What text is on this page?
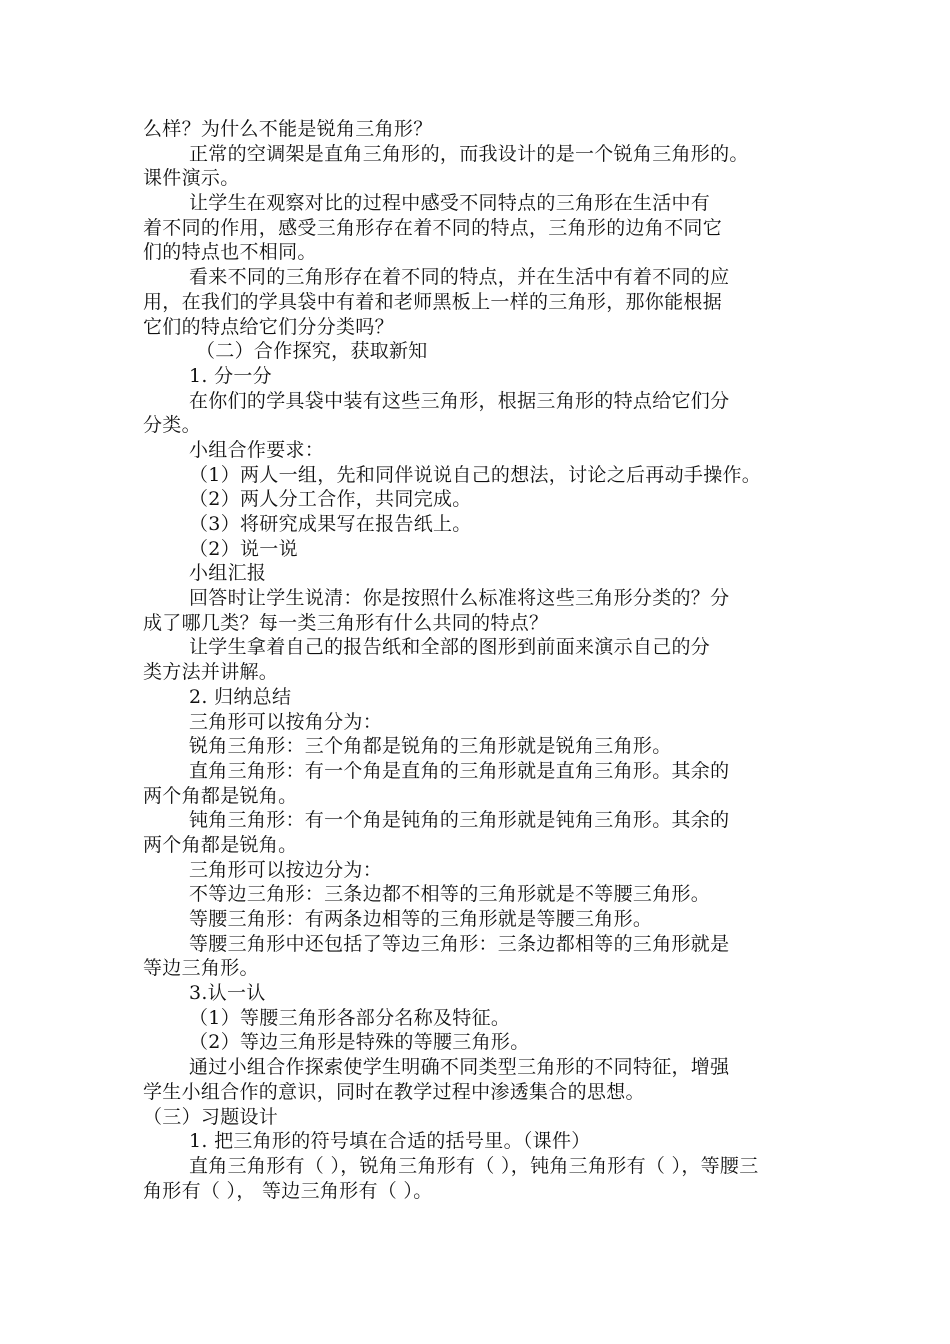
么样？为什么不能是锐角三角形？
正常的空调架是直角三角形的，而我设计的是一个锐角三角形的。
课件演示。
让学生在观察对比的过程中感受不同特点的三角形在生活中有
着不同的作用，感受三角形存在着不同的特点，三角形的边角不同它
们的特点也不相同。
看来不同的三角形存在着不同的特点，并在生活中有着不同的应
用，在我们的学具袋中有着和老师黑板上一样的三角形，那你能根据
它们的特点给它们分分类吗？
（二）合作探究，获取新知
1. 分一分
在你们的学具袋中装有这些三角形，根据三角形的特点给它们分
分类。
小组合作要求：
（1）两人一组，先和同伴说说自己的想法，讨论之后再动手操作。
（2）两人分工合作，共同完成。
（3）将研究成果写在报告纸上。
（2）说一说
小组汇报
回答时让学生说清：你是按照什么标准将这些三角形分类的？分
成了哪几类？每一类三角形有什么共同的特点？
让学生拿着自己的报告纸和全部的图形到前面来演示自己的分
类方法并讲解。
2. 归纳总结
三角形可以按角分为：
锐角三角形：三个角都是锐角的三角形就是锐角三角形。
直角三角形：有一个角是直角的三角形就是直角三角形。其余的
两个角都是锐角。
钝角三角形：有一个角是钝角的三角形就是钝角三角形。其余的
两个角都是锐角。
三角形可以按边分为：
不等边三角形：三条边都不相等的三角形就是不等腰三角形。
等腰三角形：有两条边相等的三角形就是等腰三角形。
等腰三角形中还包括了等边三角形：三条边都相等的三角形就是
等边三角形。
3.认一认
（1）等腰三角形各部分名称及特征。
（2）等边三角形是特殊的等腰三角形。
通过小组合作探索使学生明确不同类型三角形的不同特征，增强
学生小组合作的意识，同时在教学过程中渗透集合的思想。
（三）习题设计
1. 把三角形的符号填在合适的括号里。（课件）
直角三角形有（ ），锐角三角形有（ ），钝角三角形有（ ），等腰三
角形有（ ）， 等边三角形有（ ）。
